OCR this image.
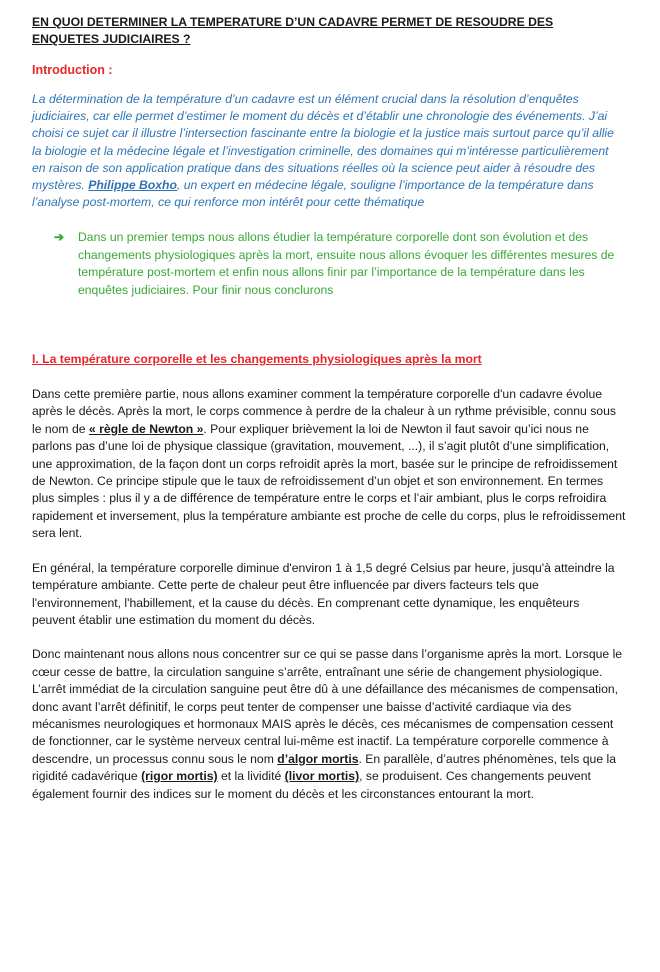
EN QUOI DETERMINER LA TEMPERATURE D’UN CADAVRE PERMET DE RESOUDRE DES ENQUETES JUDICIAIRES ?
Introduction :

La détermination de la température d’un cadavre est un élément crucial dans la résolution d’enquêtes judiciaires, car elle permet d’estimer le moment du décès et d’établir une chronologie des événements. J’ai choisi ce sujet car il illustre l’intersection fascinante entre la biologie et la justice mais surtout parce qu’il allie la biologie et la médecine légale et l’investigation criminelle, des domaines qui m’intéresse particulièrement en raison de son application pratique dans des situations réelles où la science peut aider à résoudre des mystères. Philippe Boxho, un expert en médecine légale, souligne l’importance de la température dans l’analyse post-mortem, ce qui renforce mon intérêt pour cette thématique

➔	Dans un premier temps nous allons étudier la température corporelle dont son évolution et des changements physiologiques après la mort, ensuite nous allons évoquer les différentes mesures de température post-mortem et enfin nous allons finir par l’importance de la température dans les enquêtes judiciaires. Pour finir nous conclurons
I. La température corporelle et les changements physiologiques après la mort

Dans cette première partie, nous allons examiner comment la température corporelle d'un cadavre évolue après le décès. Après la mort, le corps commence à perdre de la chaleur à un rythme prévisible, connu sous le nom de « règle de Newton ». Pour expliquer brièvement la loi de Newton il faut savoir qu’ici nous ne parlons pas d’une loi de physique classique (gravitation, mouvement, ...), il s’agit plutôt d’une simplification, une approximation, de la façon dont un corps refroidit après la mort, basée sur le principe de refroidissement de Newton. Ce principe stipule que le taux de refroidissement d’un objet et son environnement. En termes plus simples : plus il y a de différence de température entre le corps et l’air ambiant, plus le corps refroidira rapidement et inversement, plus la température ambiante est proche de celle du corps, plus le refroidissement sera lent.

En général, la température corporelle diminue d'environ 1 à 1,5 degré Celsius par heure, jusqu'à atteindre la température ambiante. Cette perte de chaleur peut être influencée par divers facteurs tels que l'environnement, l'habillement, et la cause du décès. En comprenant cette dynamique, les enquêteurs peuvent établir une estimation du moment du décès.

Donc maintenant nous allons nous concentrer sur ce qui se passe dans l’organisme après la mort. Lorsque le cœur cesse de battre, la circulation sanguine s’arrête, entraînant une série de changement physiologique. L’arrêt immédiat de la circulation sanguine peut être dû à une défaillance des mécanismes de compensation, donc avant l’arrêt définitif, le corps peut tenter de compenser une baisse d’activité cardiaque via des mécanismes neurologiques et hormonaux MAIS après le décès, ces mécanismes de compensation cessent de fonctionner, car le système nerveux central lui-même est inactif. La température corporelle commence à descendre, un processus connu sous le nom d’algor mortis. En parallèle, d’autres phénomènes, tels que la rigidité cadavérique (rigor mortis) et la lividité (livor mortis), se produisent. Ces changements peuvent également fournir des indices sur le moment du décès et les circonstances entourant la mort.
